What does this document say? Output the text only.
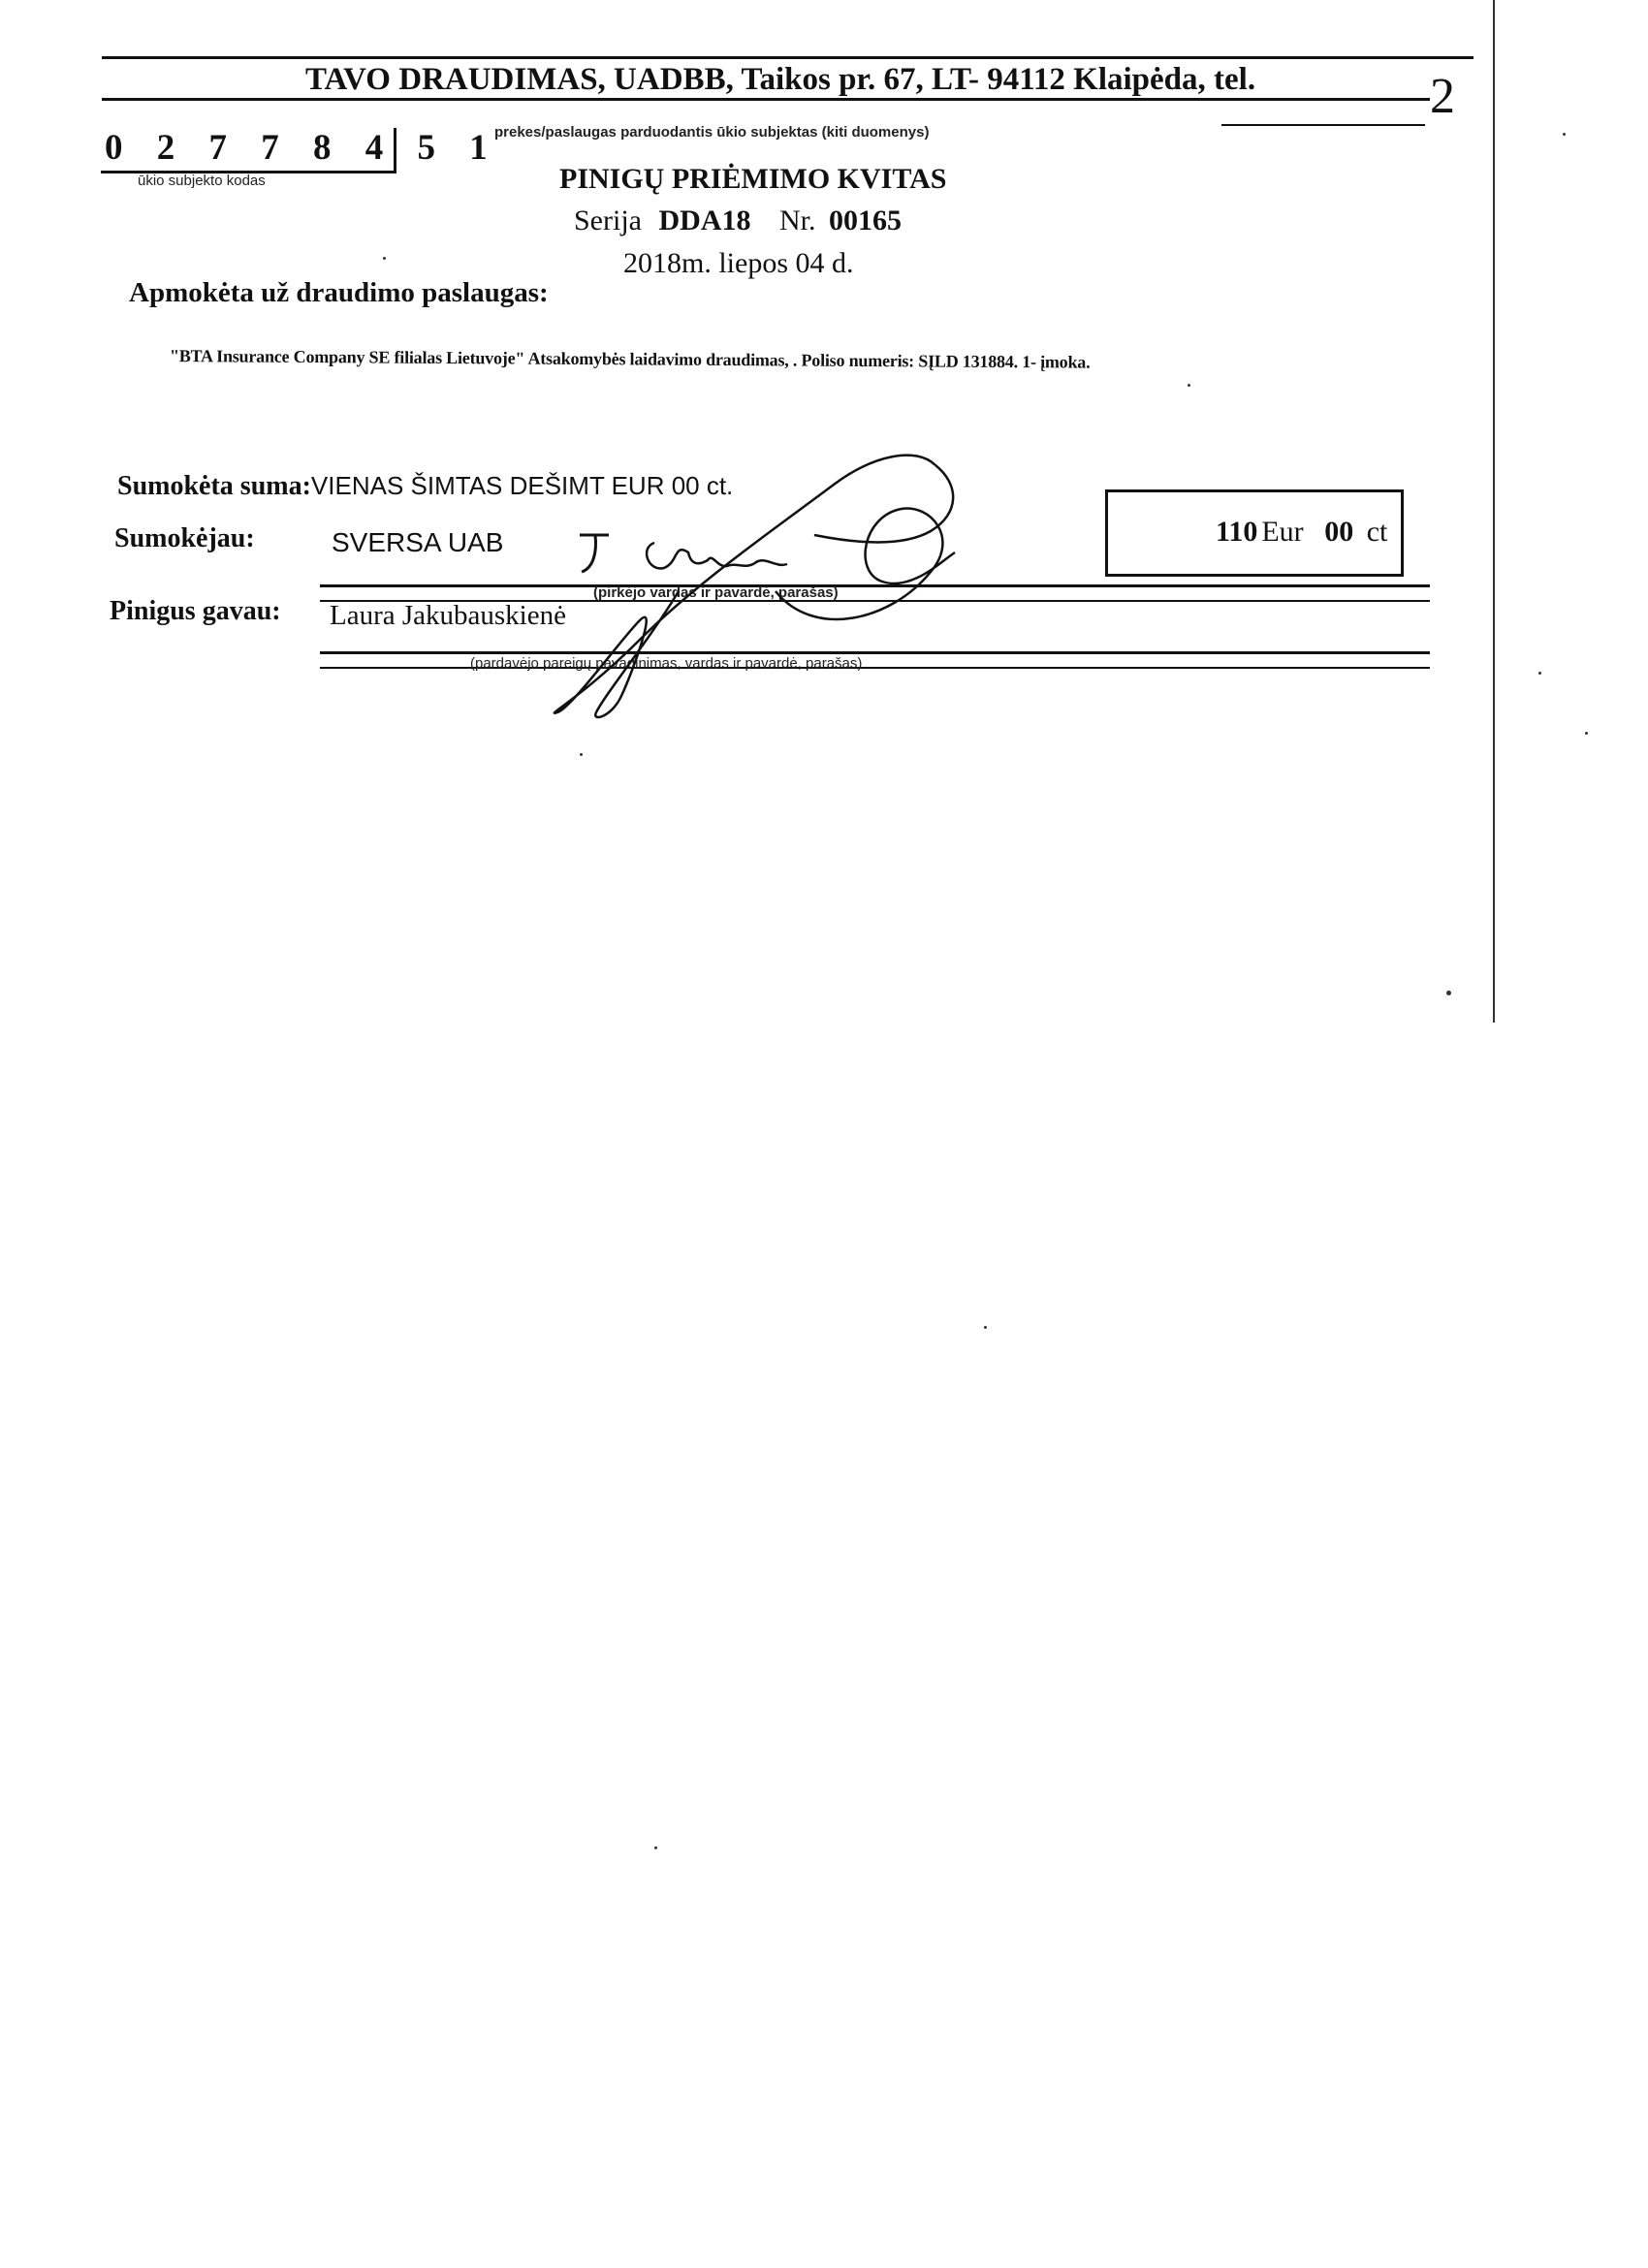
TAVO DRAUDIMAS, UADBB, Taikos pr. 67, LT- 94112 Klaipėda, tel.	2
prekes/paslaugas parduodantis ūkio subjektas (kiti duomenys)
0 2 7 7 8 4 5 1
ūkio subjekto kodas	PINIGŲ PRIĖMIMO KVITAS
Serija DDA18 Nr. 00165
2018m. liepos 04 d.
Apmokėta už draudimo paslaugas:
"BTA Insurance Company SE filialas Lietuvoje" Atsakomybės laidavimo draudimas, . Poliso numeris: SĮLD 131884. 1- įmoka.
Sumokėta suma:VIENAS ŠIMTAS DEŠIMT EUR 00 ct.
110 Eur 00 ct
Sumokėjau:	SVERSA UAB
(pirkėjo vardas ir pavardė, parašas)
Pinigus gavau: Laura Jakubauskienė
(pardavėjo pareigų pavadinimas, vardas ir pavardė, parašas)
